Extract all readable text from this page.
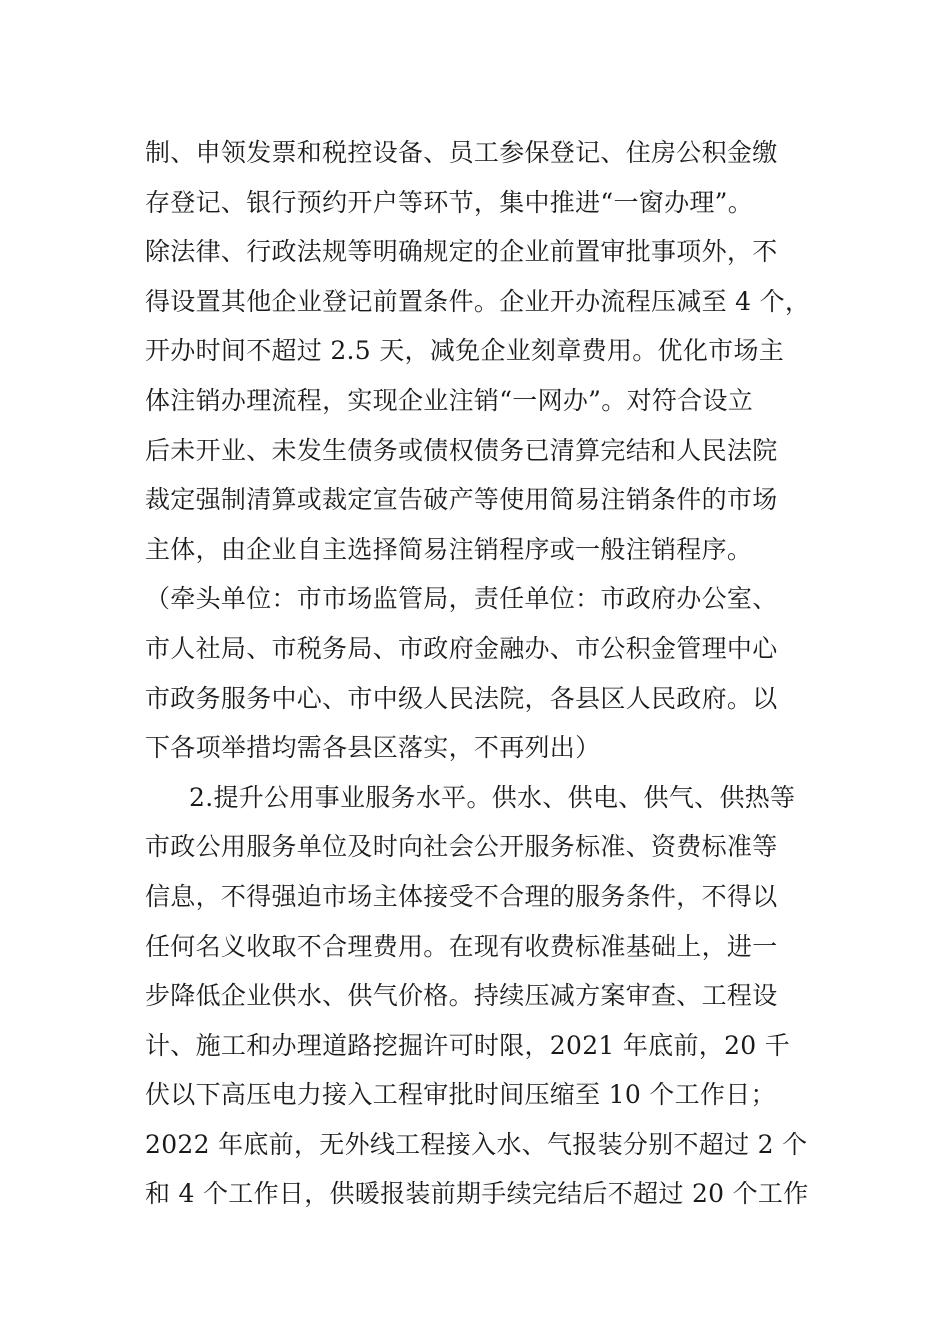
制、申领发票和税控设备、员工参保登记、住房公积金缴
存登记、银行预约开户等环节，集中推进“一窗办理”。
除法律、行政法规等明确规定的企业前置审批事项外，不
得设置其他企业登记前置条件。企业开办流程压减至 4 个，
开办时间不超过 2.5 天，减免企业刻章费用。优化市场主
体注销办理流程，实现企业注销“一网办”。对符合设立
后未开业、未发生债务或债权债务已清算完结和人民法院
裁定强制清算或裁定宣告破产等使用简易注销条件的市场
主体，由企业自主选择简易注销程序或一般注销程序。
（牵头单位：市市场监管局，责任单位：市政府办公室、
市人社局、市税务局、市政府金融办、市公积金管理中心
市政务服务中心、市中级人民法院，各县区人民政府。以
下各项举措均需各县区落实，不再列出）
2.提升公用事业服务水平。供水、供电、供气、供热等
市政公用服务单位及时向社会公开服务标准、资费标准等
信息，不得强迫市场主体接受不合理的服务条件，不得以
任何名义收取不合理费用。在现有收费标准基础上，进一
步降低企业供水、供气价格。持续压减方案审查、工程设
计、施工和办理道路挖掘许可时限，2021 年底前，20 千
伏以下高压电力接入工程审批时间压缩至 10 个工作日；
2022 年底前，无外线工程接入水、气报装分别不超过 2 个
和 4 个工作日，供暖报装前期手续完结后不超过 20 个工作
